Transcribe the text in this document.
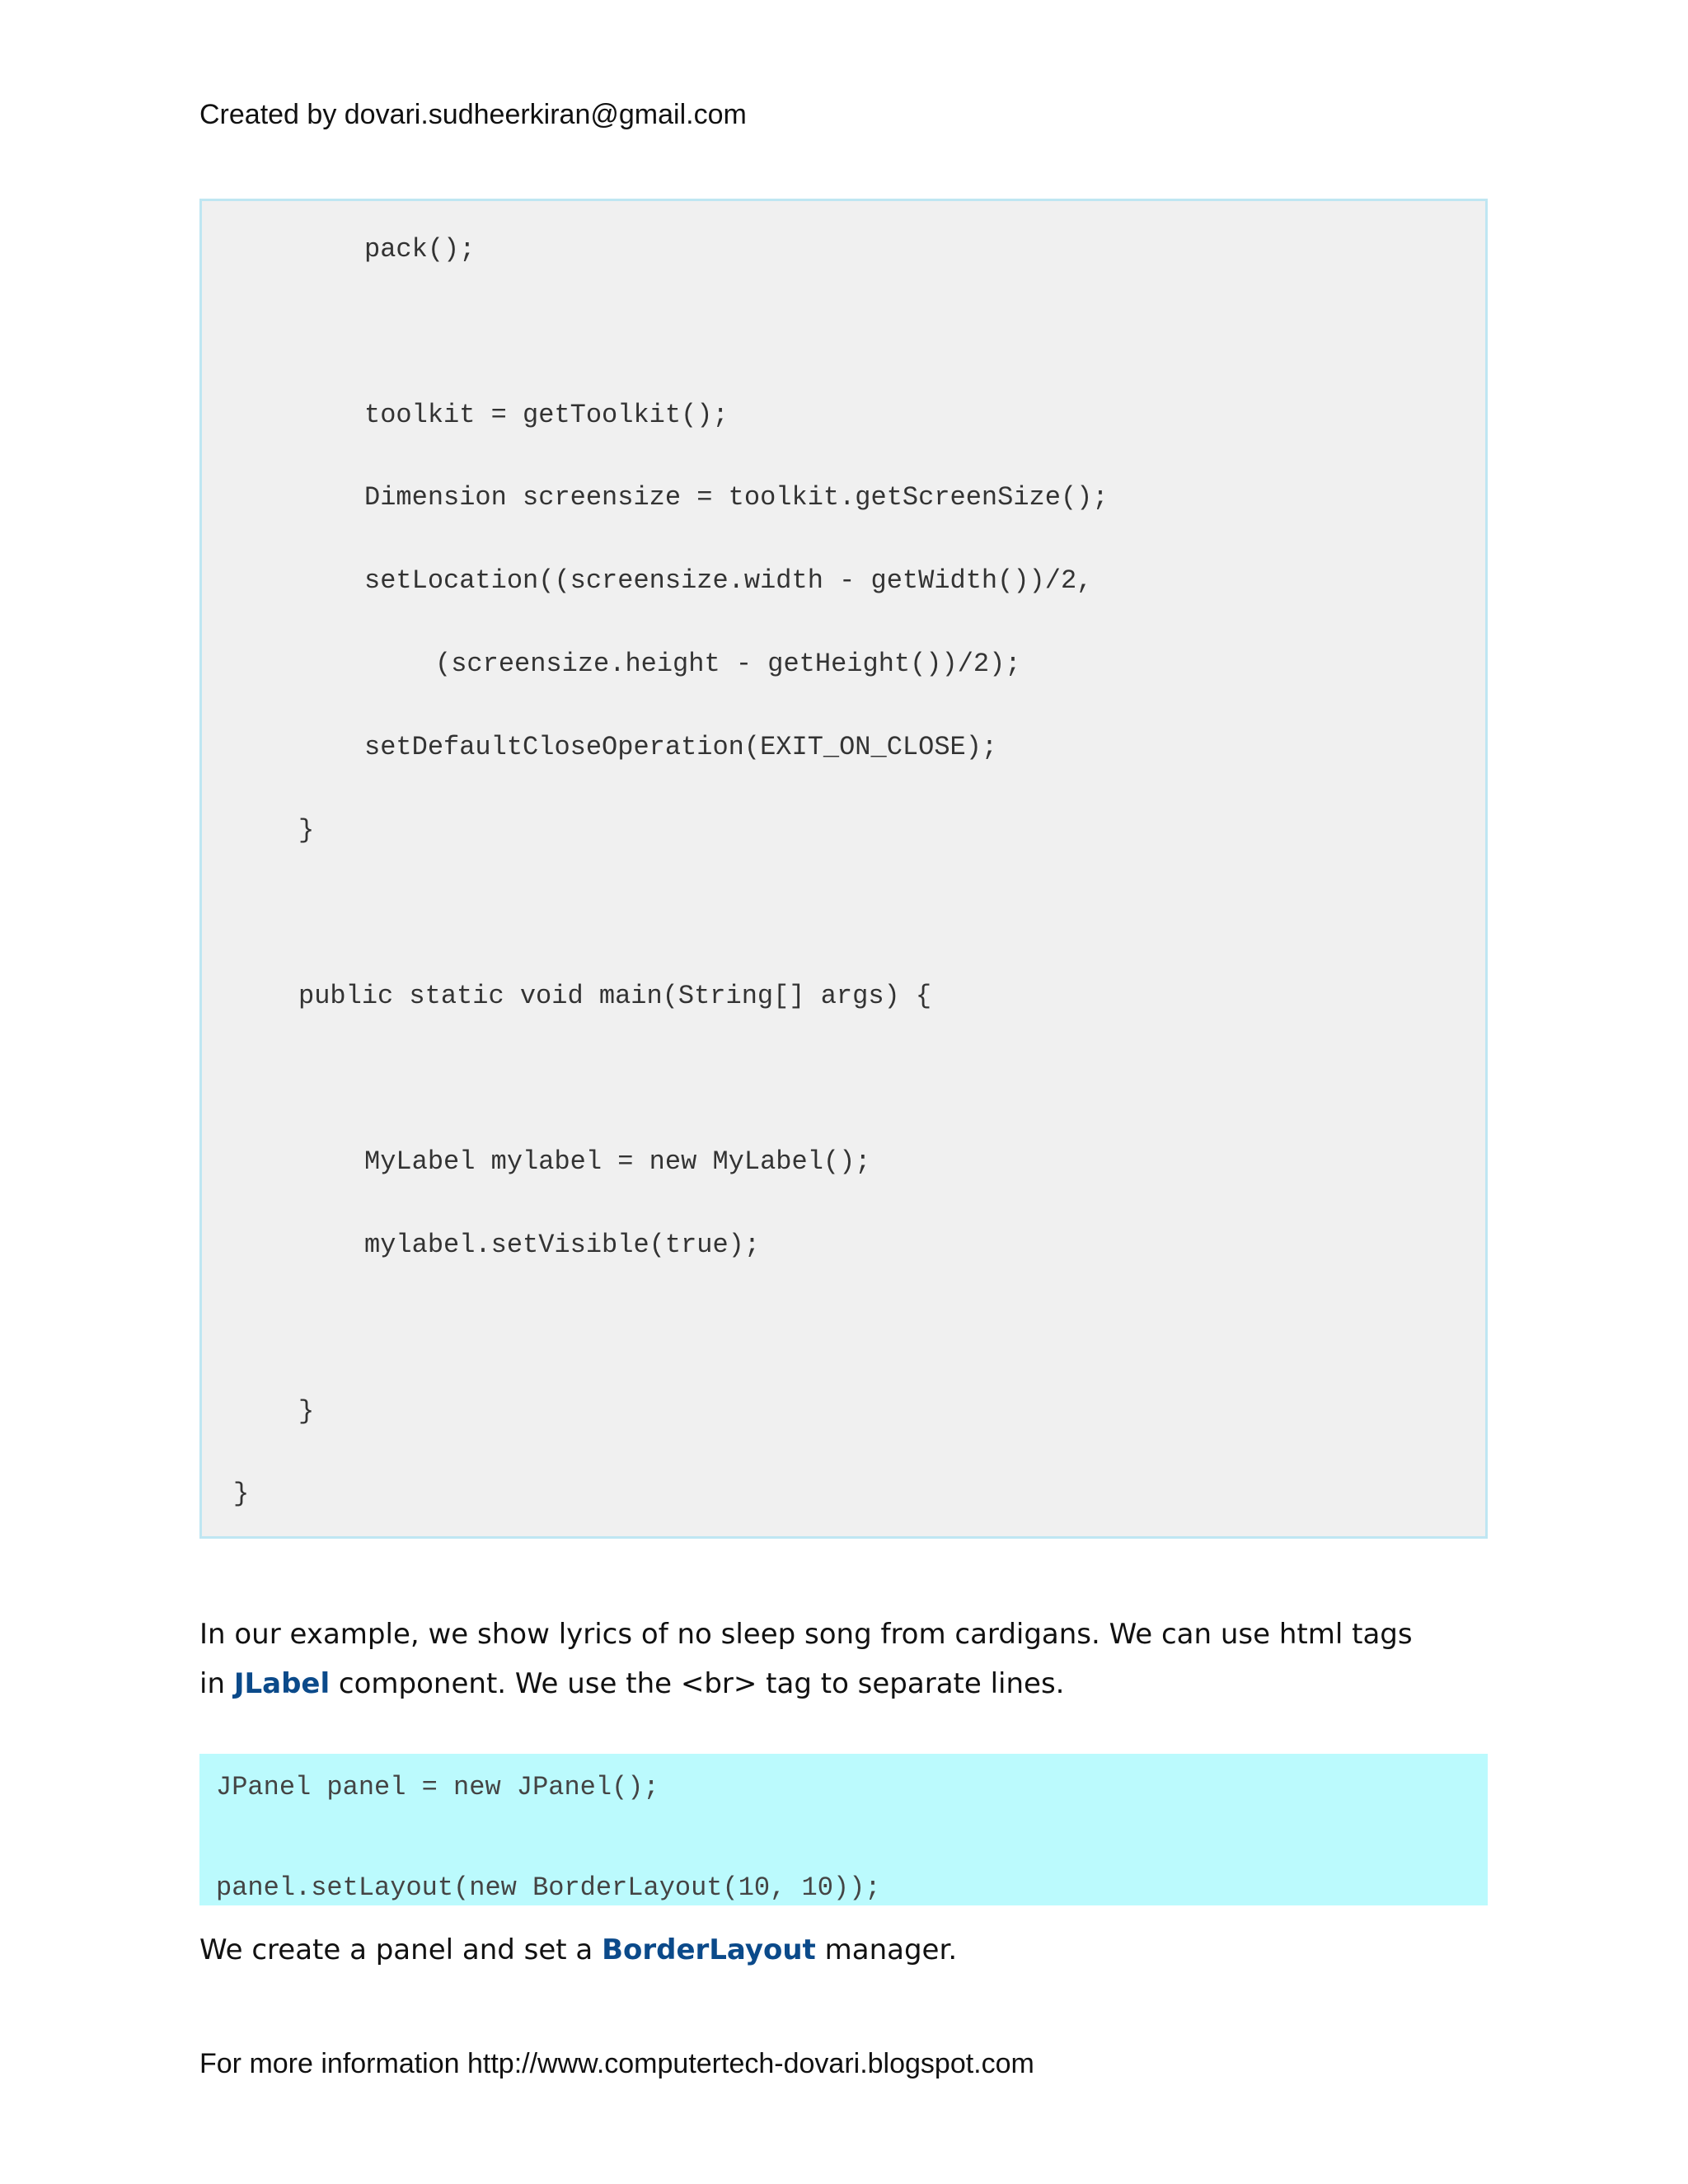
Created by dovari.sudheerkiran@gmail.com
pack();
toolkit = getToolkit();
Dimension screensize = toolkit.getScreenSize();
setLocation((screensize.width - getWidth())/2,
(screensize.height - getHeight())/2);
setDefaultCloseOperation(EXIT_ON_CLOSE);
}
public static void main(String[] args) {
MyLabel mylabel = new MyLabel();
mylabel.setVisible(true);
}
}
In our example, we show lyrics of no sleep song from cardigans. We can use html tags
in JLabel component. We use the <br> tag to separate lines.
JPanel panel = new JPanel();
panel.setLayout(new BorderLayout(10, 10));
We create a panel and set a BorderLayout manager.
For more information http://www.computertech-dovari.blogspot.com
